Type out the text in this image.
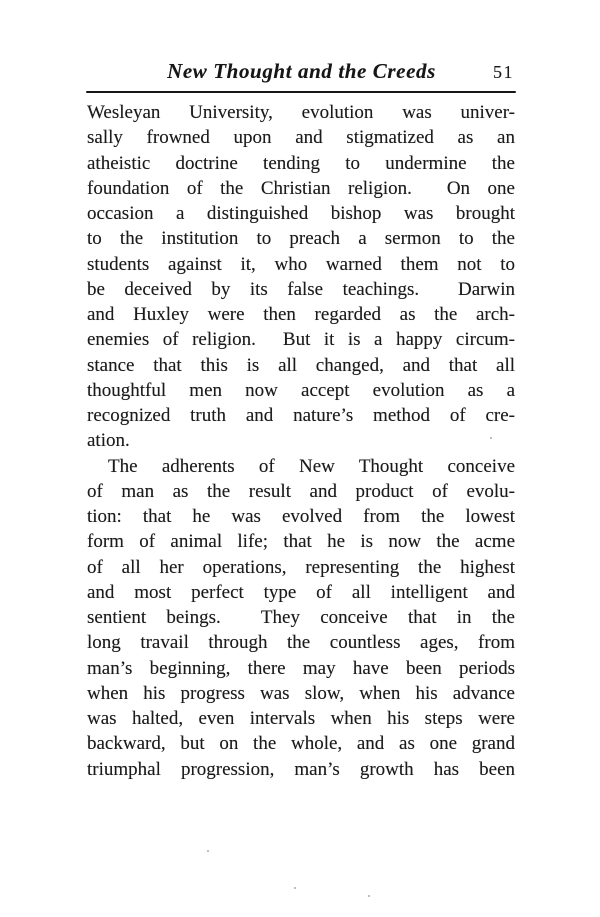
New Thought and the Creeds	51
Wesleyan University, evolution was univer-
sally frowned upon and stigmatized as an
atheistic doctrine tending to undermine the
foundation of the Christian religion.  On one
occasion a distinguished bishop was brought
to the institution to preach a sermon to the
students against it, who warned them not to
be deceived by its false teachings.  Darwin
and Huxley were then regarded as the arch-
enemies of religion.  But it is a happy circum-
stance that this is all changed, and that all
thoughtful men now accept evolution as a
recognized truth and nature’s method of cre-
ation.
The adherents of New Thought conceive
of man as the result and product of evolu-
tion: that he was evolved from the lowest
form of animal life; that he is now the acme
of all her operations, representing the highest
and most perfect type of all intelligent and
sentient beings.  They conceive that in the
long travail through the countless ages, from
man’s beginning, there may have been periods
when his progress was slow, when his advance
was halted, even intervals when his steps were
backward, but on the whole, and as one grand
triumphal progression, man’s growth has been
